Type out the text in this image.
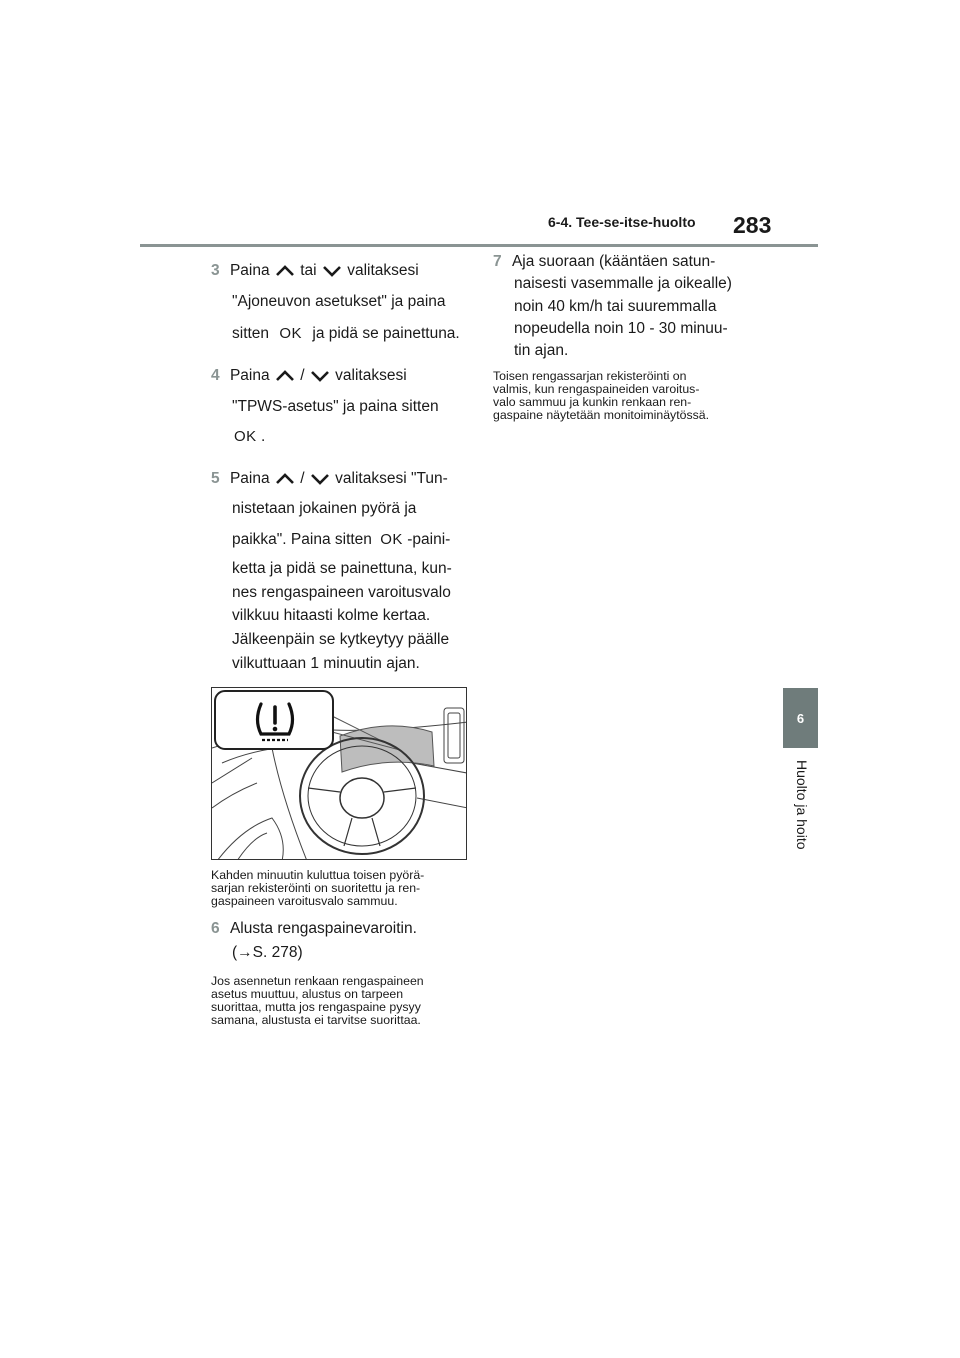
6-4. Tee-se-itse-huolto 283
6
Huolto ja hoito
3 Paina tai valitaksesi
"Ajoneuvon asetukset" ja paina
sitten OK ja pidä se painettuna.
4 Paina / valitaksesi
"TPWS-asetus" ja paina sitten
OK .
5 Paina / valitaksesi "Tun-
nistetaan jokainen pyörä ja
paikka". Paina sitten OK -paini-
ketta ja pidä se painettuna, kun-
nes rengaspaineen varoitusvalo
vilkkuu hitaasti kolme kertaa.
Jälkeenpäin se kytkeytyy päälle
vilkuttuaan 1 minuutin ajan.
Kahden minuutin kuluttua toisen pyörä-
sarjan rekisteröinti on suoritettu ja ren-
gaspaineen varoitusvalo sammuu.
6 Alusta rengaspainevaroitin.
(→S. 278)
Jos asennetun renkaan rengaspaineen
asetus muuttuu, alustus on tarpeen
suorittaa, mutta jos rengaspaine pysyy
samana, alustusta ei tarvitse suorittaa.
7 Aja suoraan (kääntäen satun-
naisesti vasemmalle ja oikealle)
noin 40 km/h tai suuremmalla
nopeudella noin 10 - 30 minuu-
tin ajan.
Toisen rengassarjan rekisteröinti on
valmis, kun rengaspaineiden varoitus-
valo sammuu ja kunkin renkaan ren-
gaspaine näytetään monitoiminäytössä.
